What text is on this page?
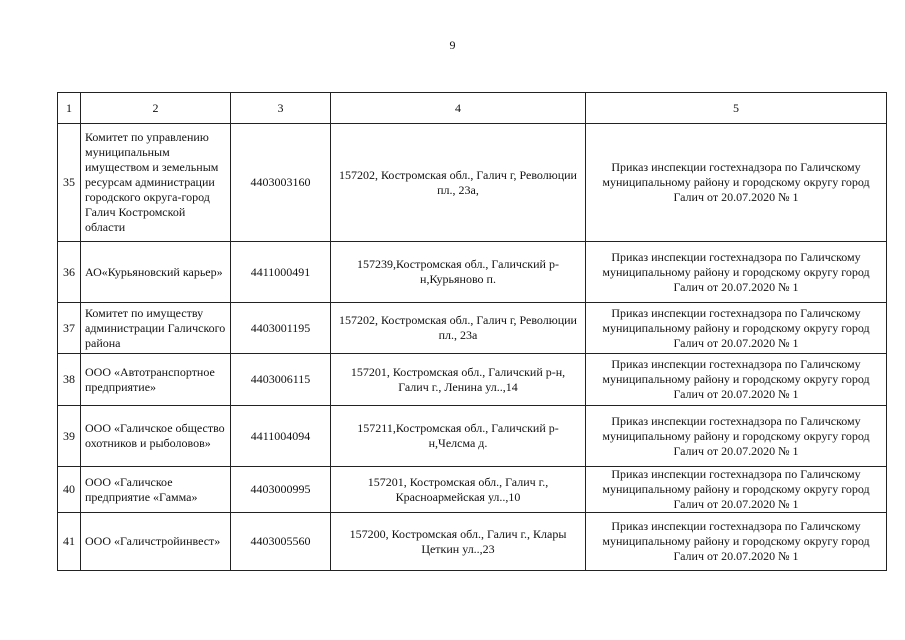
9
1	2	3	4	5
35	Комитет по управлению муниципальным имуществом и земельным ресурсам администрации городского округа-город Галич Костромской области	4403003160	157202, Костромская обл., Галич г, Революции пл., 23а,	Приказ инспекции гостехнадзора по Галичскому муниципальному району и городскому округу город Галич от 20.07.2020 № 1
36	АО«Курьяновский карьер»	4411000491	157239,Костромская обл., Галичский р-н,Курьяново п.	Приказ инспекции гостехнадзора по Галичскому муниципальному району и городскому округу город Галич от 20.07.2020 № 1
37	Комитет по имуществу администрации Галичского района	4403001195	157202, Костромская обл., Галич г, Революции пл., 23а	Приказ инспекции гостехнадзора по Галичскому муниципальному району и городскому округу город Галич от 20.07.2020 № 1
38	ООО «Автотранспортное предприятие»	4403006115	157201, Костромская обл., Галичский р-н, Галич г., Ленина ул..,14	Приказ инспекции гостехнадзора по Галичскому муниципальному району и городскому округу город Галич от 20.07.2020 № 1
39	ООО «Галичское общество охотников и рыболовов»	4411004094	157211,Костромская обл., Галичский р-н,Челсма д.	Приказ инспекции гостехнадзора по Галичскому муниципальному району и городскому округу город Галич от 20.07.2020 № 1
40	ООО «Галичское предприятие «Гамма»	4403000995	157201, Костромская обл., Галич г., Красноармейская ул..,10	Приказ инспекции гостехнадзора по Галичскому муниципальному району и городскому округу город Галич от 20.07.2020 № 1
41	ООО «Галичстройинвест»	4403005560	157200, Костромская обл., Галич г., Клары Цеткин ул..,23	Приказ инспекции гостехнадзора по Галичскому муниципальному району и городскому округу город Галич от 20.07.2020 № 1
